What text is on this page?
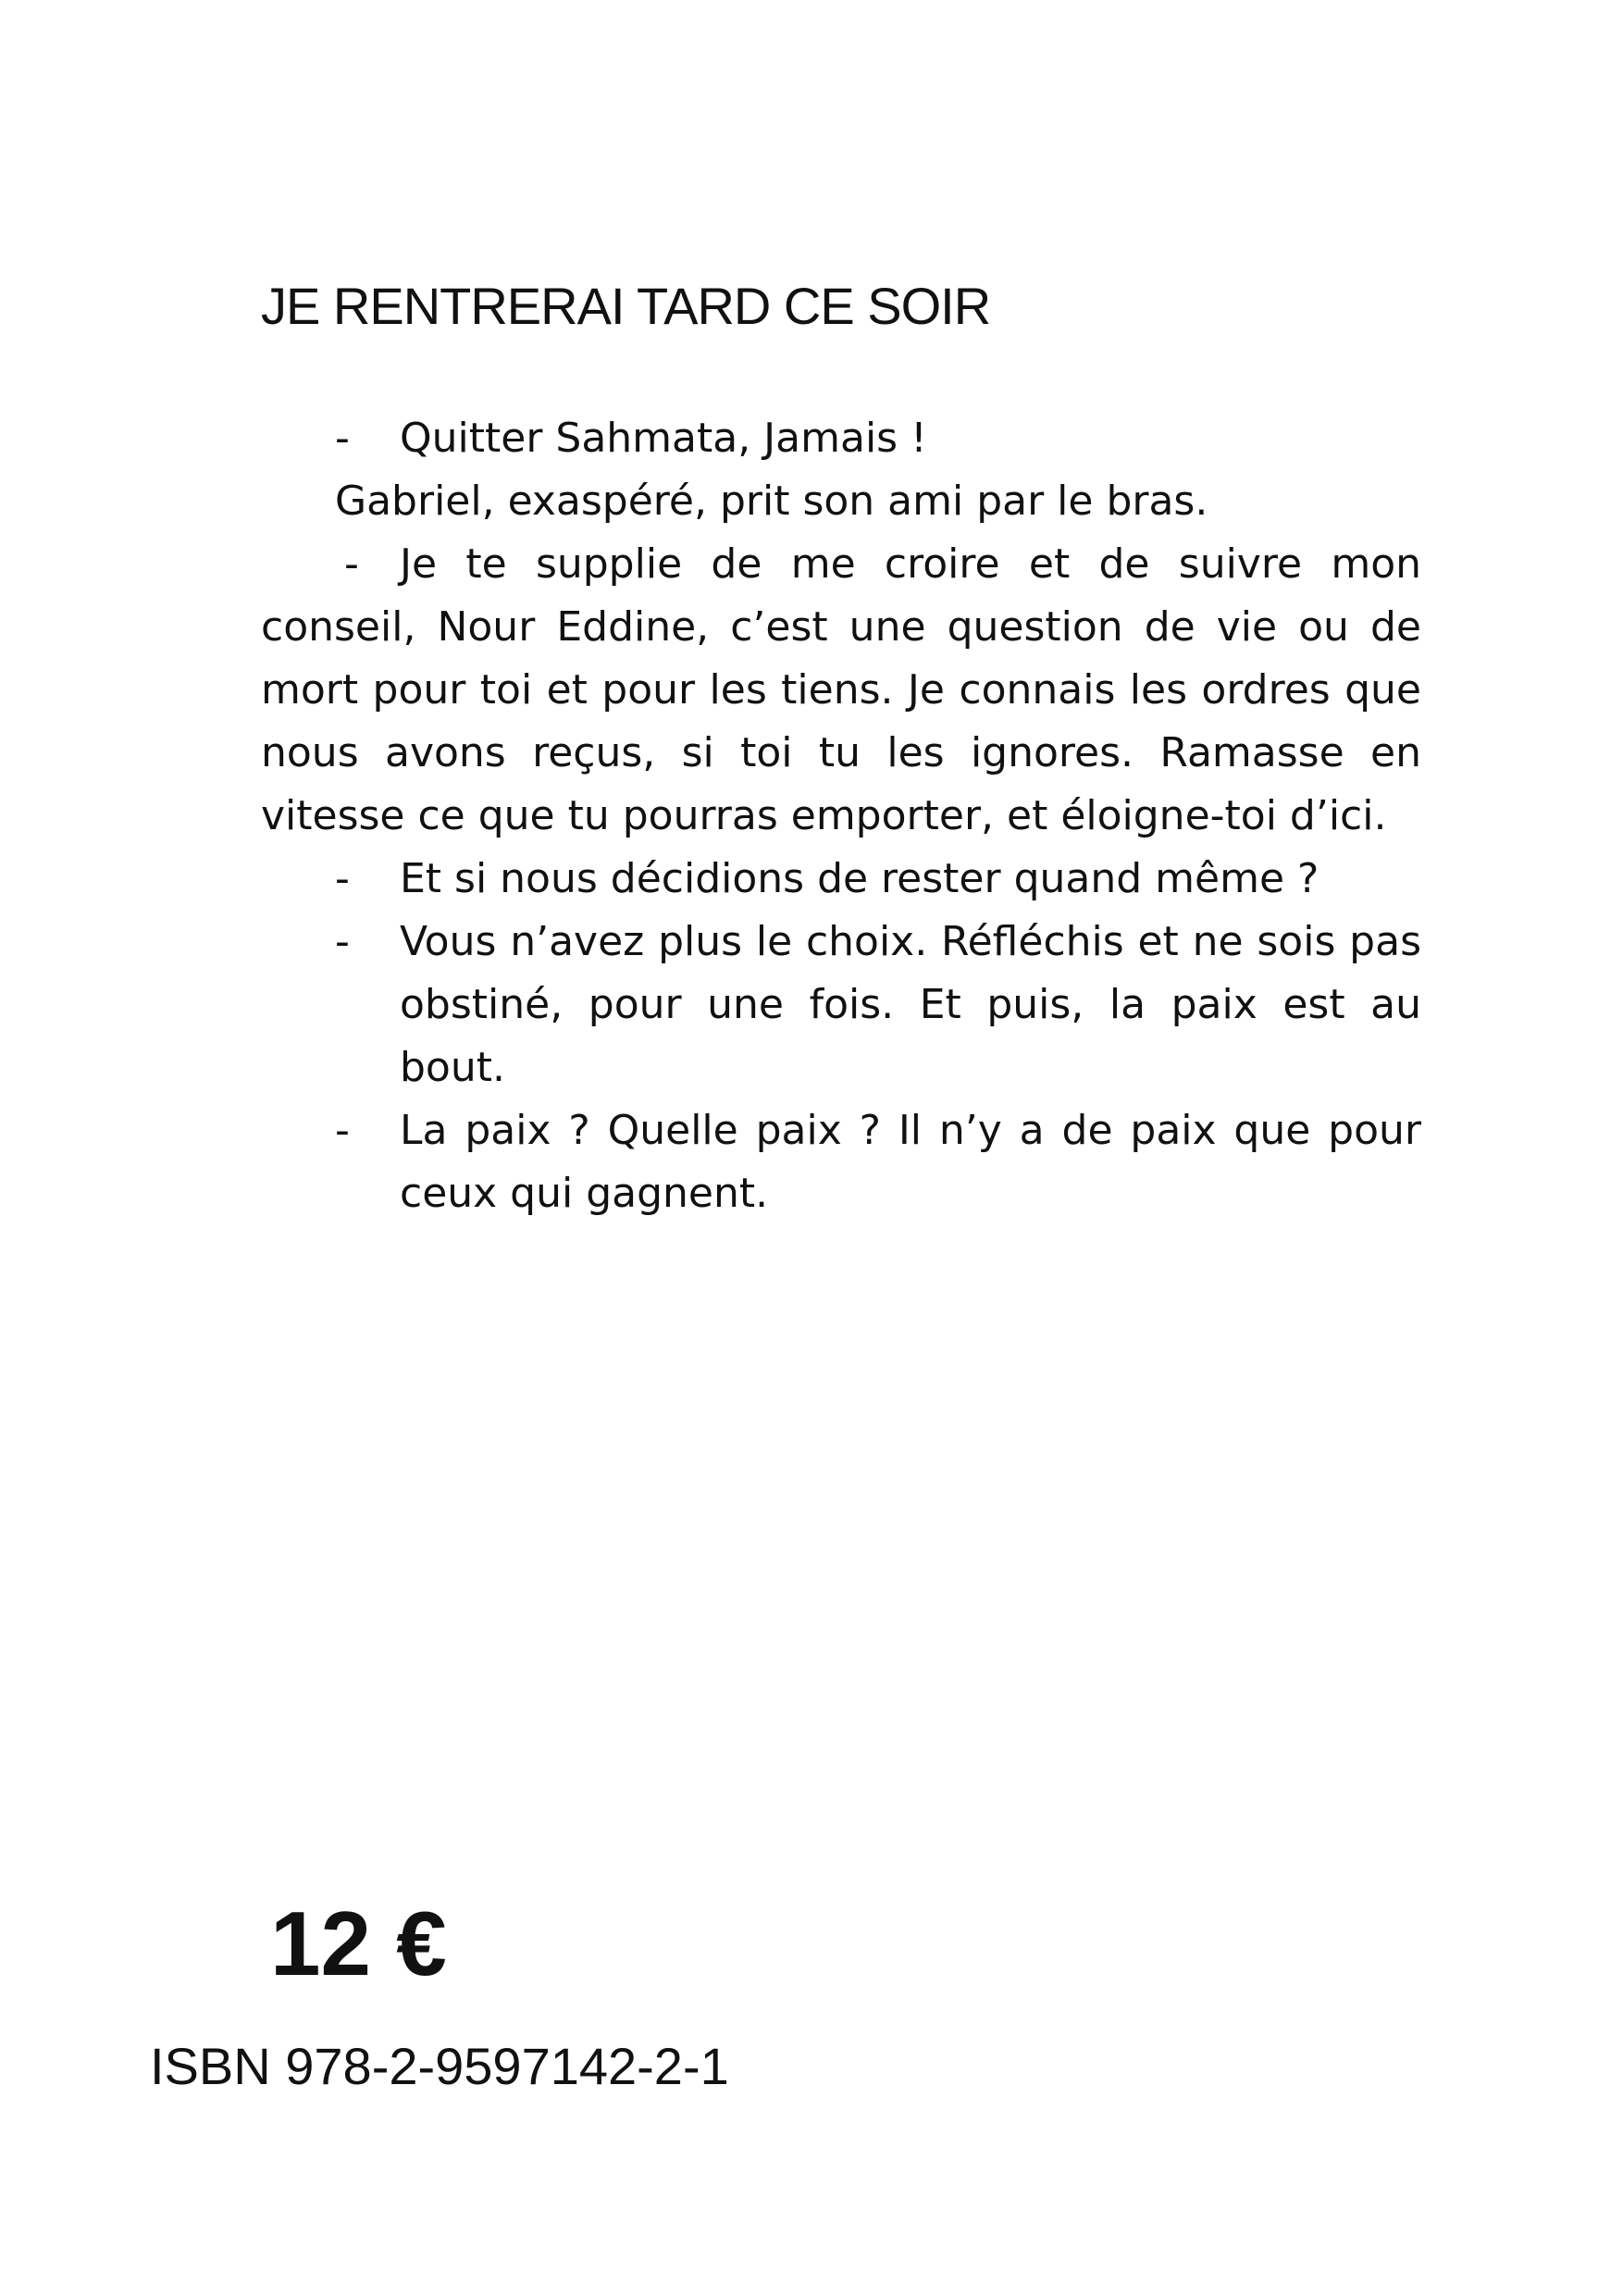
JE RENTRERAI TARD CE SOIR
-	Quitter Sahmata, Jamais !
Gabriel, exaspéré, prit son ami par le bras.
- Je te supplie de me croire et de suivre mon conseil, Nour Eddine, c’est une question de vie ou de mort pour toi et pour les tiens. Je connais les ordres que nous avons reçus, si toi tu les ignores. Ramasse en vitesse ce que tu pourras emporter, et éloigne-toi d’ici.
-	Et si nous décidions de rester quand même ?
-	Vous n’avez plus le choix. Réfléchis et ne sois pas obstiné, pour une fois. Et puis, la paix est au bout.
-	La paix ? Quelle paix ? Il n’y a de paix que pour ceux qui gagnent.

12 €

ISBN 978-2-9597142-2-1
